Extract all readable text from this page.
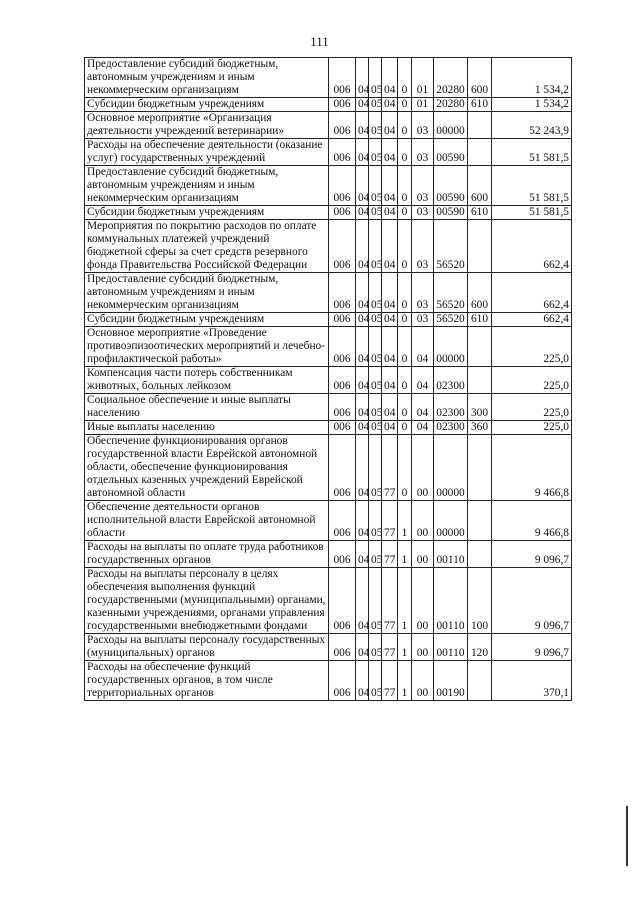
111
Предоставление субсидий бюджетным, автономным учреждениям и иным некоммерческим организациям	006	04	05	04	0	01	20280	600	1 534,2
Субсидии бюджетным учреждениям	006	04	05	04	0	01	20280	610	1 534,2
Основное мероприятие «Организация деятельности учреждений ветеринарии»	006	04	05	04	0	03	00000		52 243,9
Расходы на обеспечение деятельности (оказание услуг) государственных учреждений	006	04	05	04	0	03	00590		51 581,5
Предоставление субсидий бюджетным, автономным учреждениям и иным некоммерческим организациям	006	04	05	04	0	03	00590	600	51 581,5
Субсидии бюджетным учреждениям	006	04	05	04	0	03	00590	610	51 581,5
Мероприятия по покрытию расходов по оплате коммунальных платежей учреждений бюджетной сферы за счет средств резервного фонда Правительства Российской Федерации	006	04	05	04	0	03	56520		662,4
Предоставление субсидий бюджетным, автономным учреждениям и иным некоммерческим организациям	006	04	05	04	0	03	56520	600	662,4
Субсидии бюджетным учреждениям	006	04	05	04	0	03	56520	610	662,4
Основное мероприятие «Проведение противоэпизоотических мероприятий и лечебно-профилактической работы»	006	04	05	04	0	04	00000		225,0
Компенсация части потерь собственникам животных, больных лейкозом	006	04	05	04	0	04	02300		225,0
Социальное обеспечение и иные выплаты населению	006	04	05	04	0	04	02300	300	225,0
Иные выплаты населению	006	04	05	04	0	04	02300	360	225,0
Обеспечение функционирования органов государственной власти Еврейской автономной области, обеспечение функционирования отдельных казенных учреждений Еврейской автономной области	006	04	05	77	0	00	00000		9 466,8
Обеспечение деятельности органов исполнительной власти Еврейской автономной области	006	04	05	77	1	00	00000		9 466,8
Расходы на выплаты по оплате труда работников государственных органов	006	04	05	77	1	00	00110		9 096,7
Расходы на выплаты персоналу в целях обеспечения выполнения функций государственными (муниципальными) органами, казенными учреждениями, органами управления государственными внебюджетными фондами	006	04	05	77	1	00	00110	100	9 096,7
Расходы на выплаты персоналу государственных (муниципальных) органов	006	04	05	77	1	00	00110	120	9 096,7
Расходы на обеспечение функций государственных органов, в том числе территориальных органов	006	04	05	77	1	00	00190		370,1
